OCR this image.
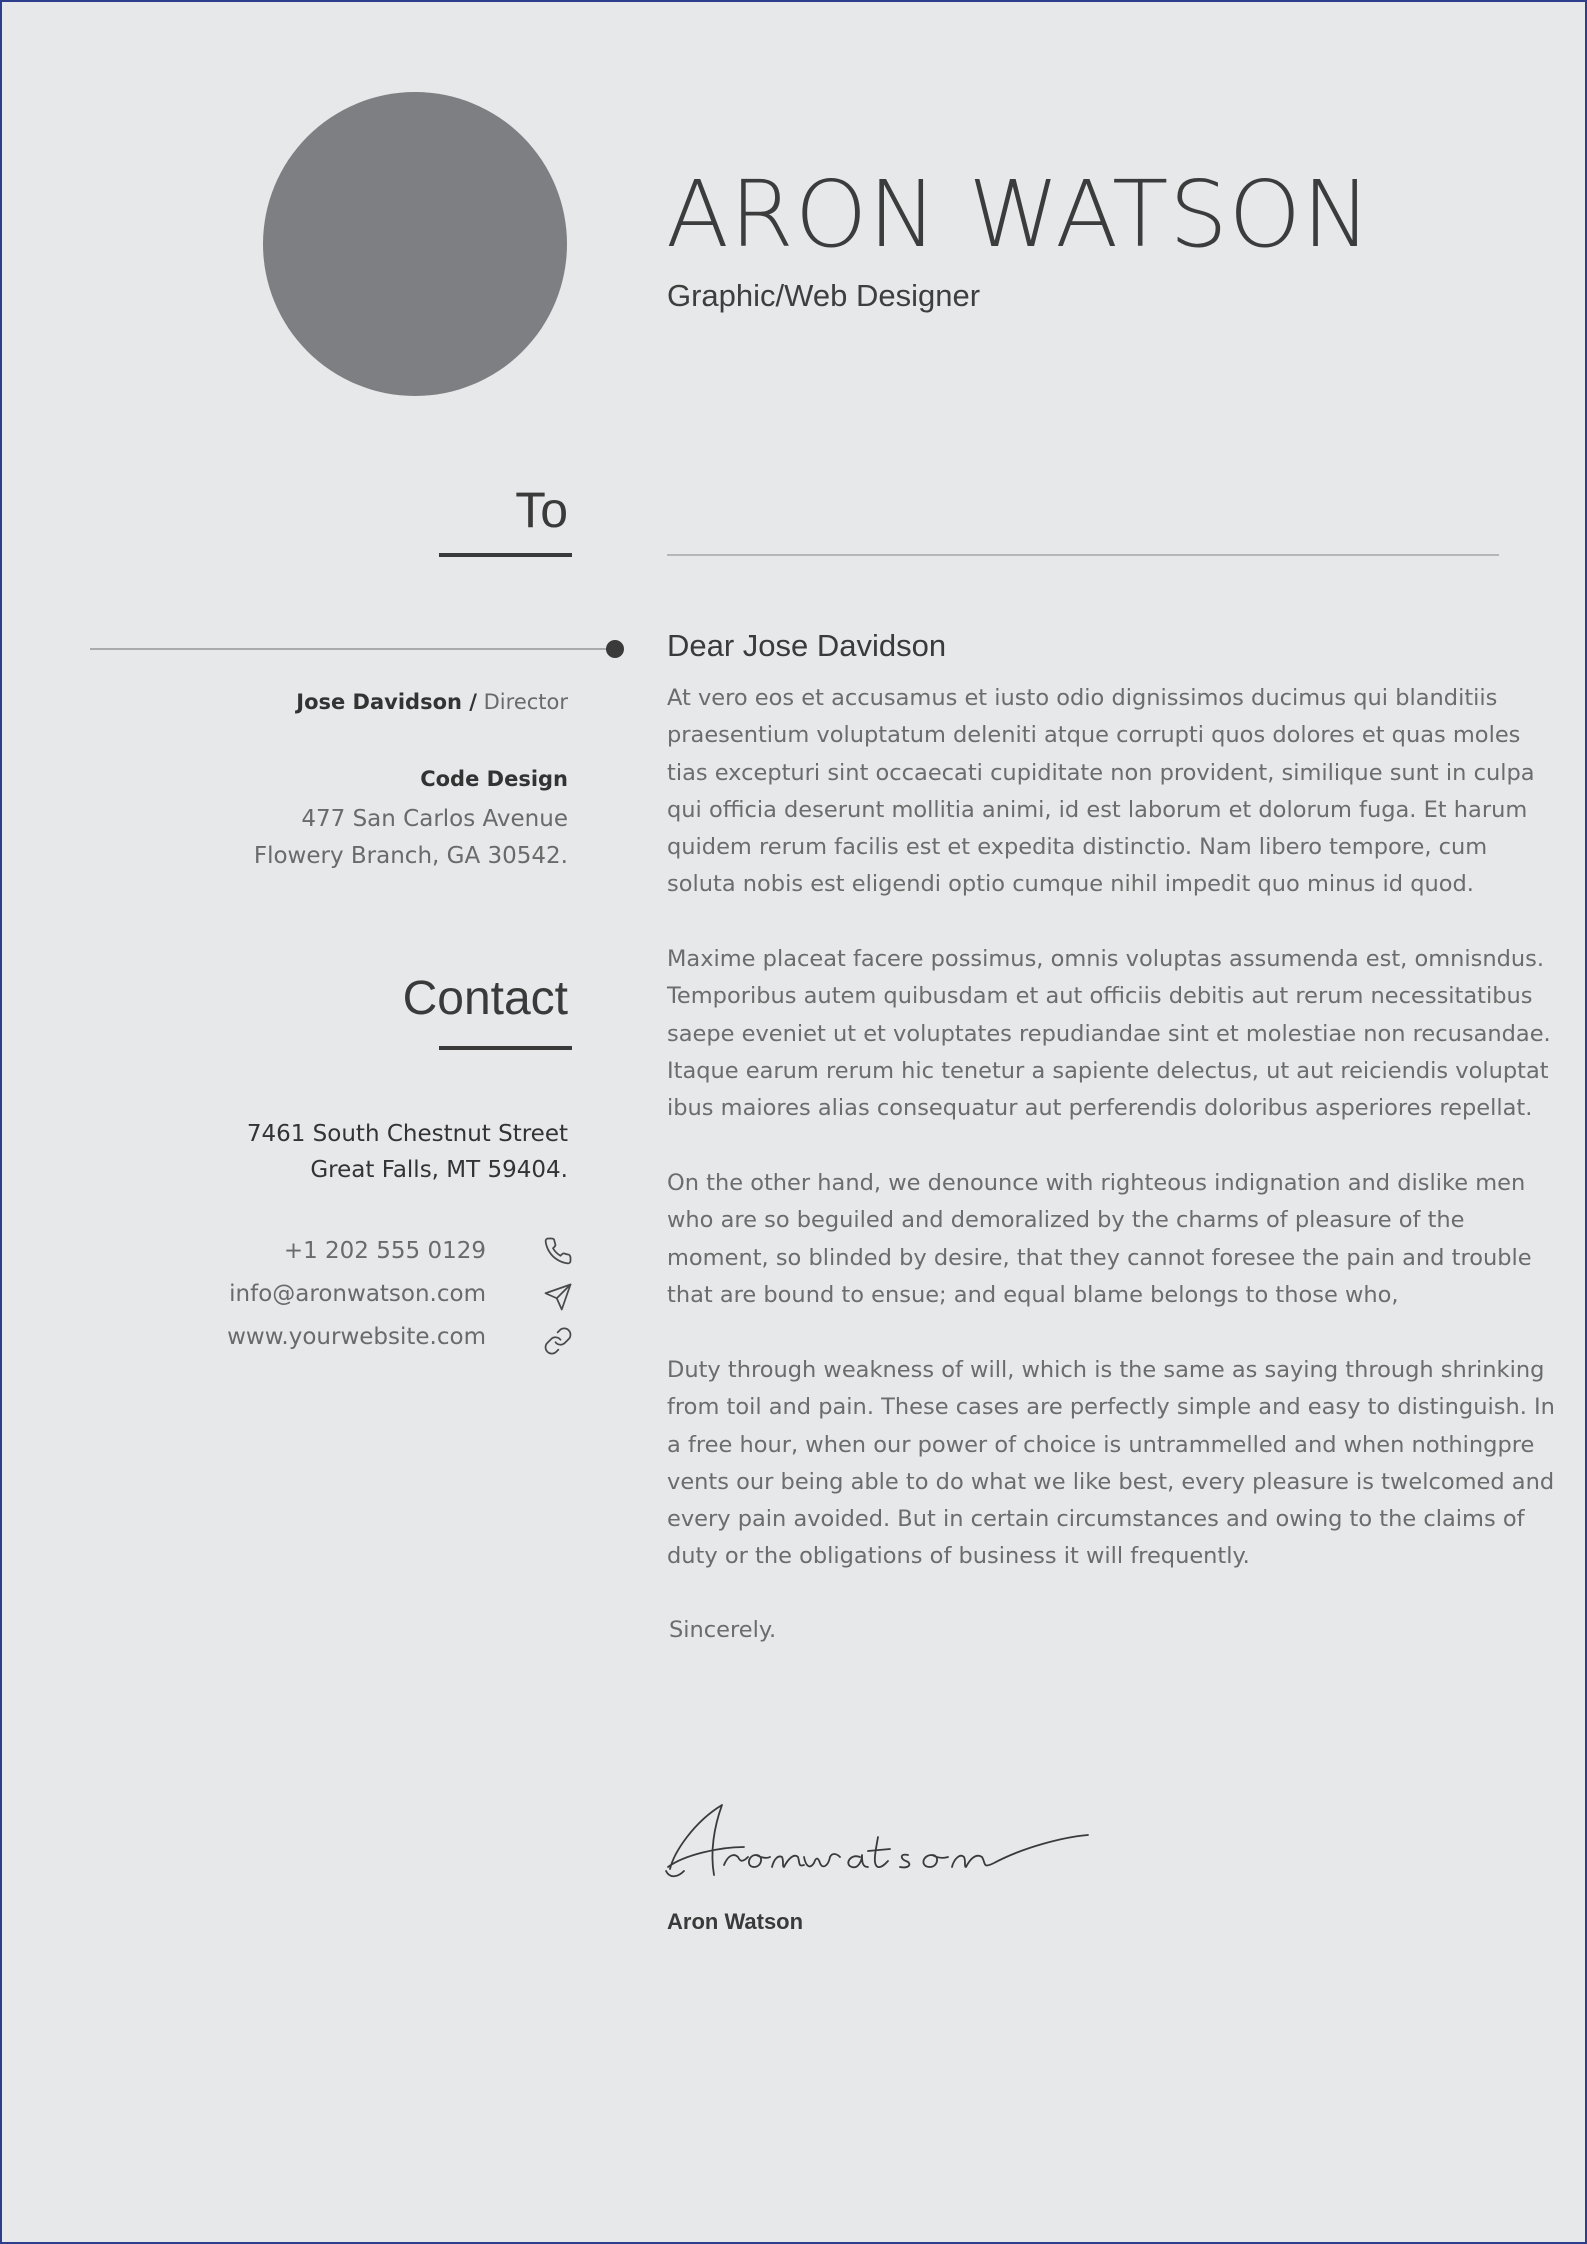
ARON WATSON
Graphic/Web Designer
To
Jose Davidson / Director
Code Design
477 San Carlos Avenue
Flowery Branch, GA 30542.
Contact
7461 South Chestnut Street
Great Falls, MT 59404.
+1 202 555 0129
info@aronwatson.com
www.yourwebsite.com
Dear Jose Davidson
At vero eos et accusamus et iusto odio dignissimos ducimus qui blanditiis
praesentium voluptatum deleniti atque corrupti quos dolores et quas moles
tias excepturi sint occaecati cupiditate non provident, similique sunt in culpa
qui officia deserunt mollitia animi, id est laborum et dolorum fuga. Et harum
quidem rerum facilis est et expedita distinctio. Nam libero tempore, cum
soluta nobis est eligendi optio cumque nihil impedit quo minus id quod.
Maxime placeat facere possimus, omnis voluptas assumenda est, omnisndus.
Temporibus autem quibusdam et aut officiis debitis aut rerum necessitatibus
saepe eveniet ut et voluptates repudiandae sint et molestiae non recusandae.
Itaque earum rerum hic tenetur a sapiente delectus, ut aut reiciendis voluptat
ibus maiores alias consequatur aut perferendis doloribus asperiores repellat.
On the other hand, we denounce with righteous indignation and dislike men
who are so beguiled and demoralized by the charms of pleasure of the
moment, so blinded by desire, that they cannot foresee the pain and trouble
that are bound to ensue; and equal blame belongs to those who,
Duty through weakness of will, which is the same as saying through shrinking
from toil and pain. These cases are perfectly simple and easy to distinguish. In
a free hour, when our power of choice is untrammelled and when nothingpre
vents our being able to do what we like best, every pleasure is twelcomed and
every pain avoided. But in certain circumstances and owing to the claims of
duty or the obligations of business it will frequently.
Sincerely.
Aron Watson
